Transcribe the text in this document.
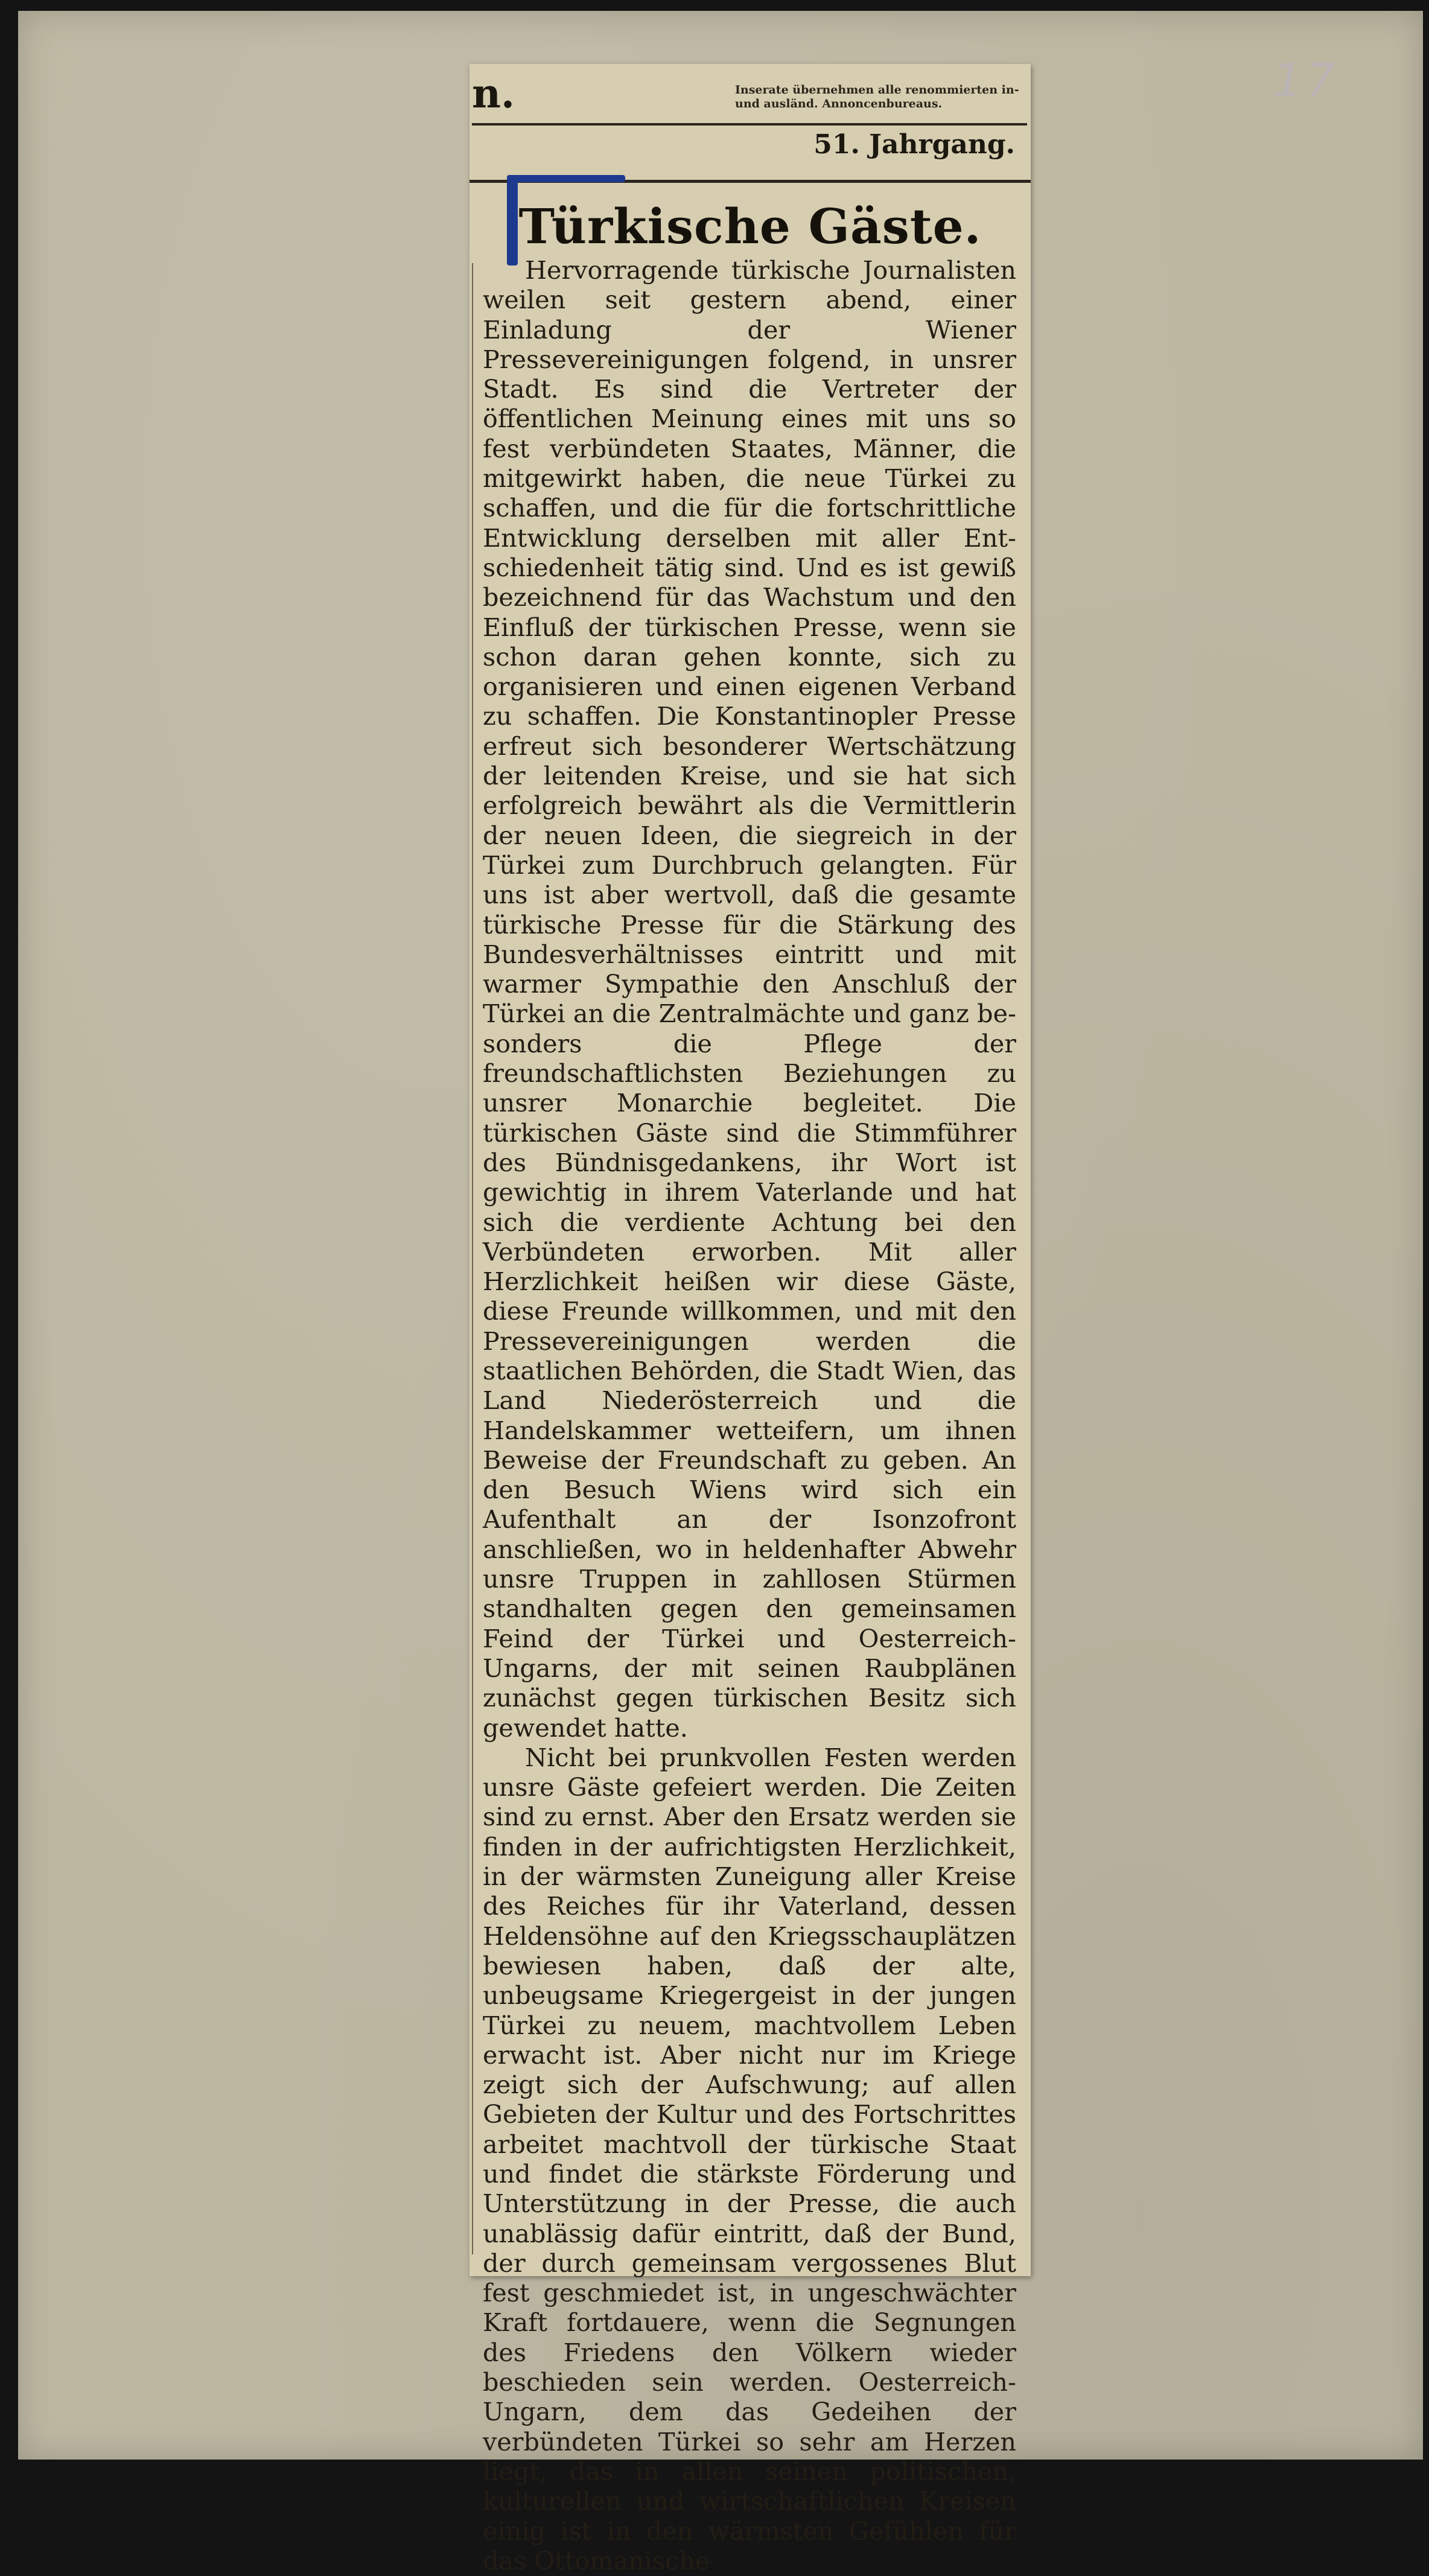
17
n.	Inserate übernehmen alle renommierten in- und ausländ. Annoncenbureaus.
51. Jahrgang.
Türkische Gäste.

Hervorragende türkische Journalisten weilen seit gestern abend, einer Einladung der Wiener Pressevereinigungen folgend, in unsrer Stadt. Es sind die Vertreter der öffentlichen Meinung eines mit uns so fest verbündeten Staates, Männer, die mitgewirkt haben, die neue Türkei zu schaffen, und die für die fortschrittliche Entwicklung derselben mit aller Entschiedenheit tätig sind. Und es ist gewiß bezeichnend für das Wachstum und den Einfluß der türkischen Presse, wenn sie schon daran gehen konnte, sich zu organisieren und einen eigenen Verband zu schaffen. Die Konstantinopler Presse erfreut sich besonderer Wertschätzung der leitenden Kreise, und sie hat sich erfolgreich bewährt als die Vermittlerin der neuen Ideen, die siegreich in der Türkei zum Durchbruch gelangten. Für uns ist aber wertvoll, daß die gesamte türkische Presse für die Stärkung des Bundesverhältnisses eintritt und mit warmer Sympathie den Anschluß der Türkei an die Zentralmächte und ganz besonders die Pflege der freundschaftlichsten Beziehungen zu unsrer Monarchie begleitet. Die türkischen Gäste sind die Stimmführer des Bündnisgedankens, ihr Wort ist gewichtig in ihrem Vaterlande und hat sich die verdiente Achtung bei den Verbündeten erworben. Mit aller Herzlichkeit heißen wir diese Gäste, diese Freunde willkommen, und mit den Pressevereinigungen werden die staatlichen Behörden, die Stadt Wien, das Land Niederösterreich und die Handelskammer wetteifern, um ihnen Beweise der Freundschaft zu geben. An den Besuch Wiens wird sich ein Aufenthalt an der Isonzofront anschließen, wo in heldenhafter Abwehr unsre Truppen in zahllosen Stürmen standhalten gegen den gemeinsamen Feind der Türkei und Oesterreich-Ungarns, der mit seinen Raubplänen zunächst gegen türkischen Besitz sich gewendet hatte.

Nicht bei prunkvollen Festen werden unsre Gäste gefeiert werden. Die Zeiten sind zu ernst. Aber den Ersatz werden sie finden in der aufrichtigsten Herzlichkeit, in der wärmsten Zuneigung aller Kreise des Reiches für ihr Vaterland, dessen Heldensöhne auf den Kriegsschauplätzen bewiesen haben, daß der alte, unbeugsame Kriegergeist in der jungen Türkei zu neuem, machtvollem Leben erwacht ist. Aber nicht nur im Kriege zeigt sich der Aufschwung; auf allen Gebieten der Kultur und des Fortschrittes arbeitet machtvoll der türkische Staat und findet die stärkste Förderung und Unterstützung in der Presse, die auch unablässig dafür eintritt, daß der Bund, der durch gemeinsam vergossenes Blut fest geschmiedet ist, in ungeschwächter Kraft fortdauere, wenn die Segnungen des Friedens den Völkern wieder beschieden sein werden. Oesterreich-Ungarn, dem das Gedeihen der verbündeten Türkei so sehr am Herzen liegt, das in allen seinen politischen, kulturellen und wirtschaftlichen Kreisen einig ist in den wärmsten Gefühlen für das Ottomanische
